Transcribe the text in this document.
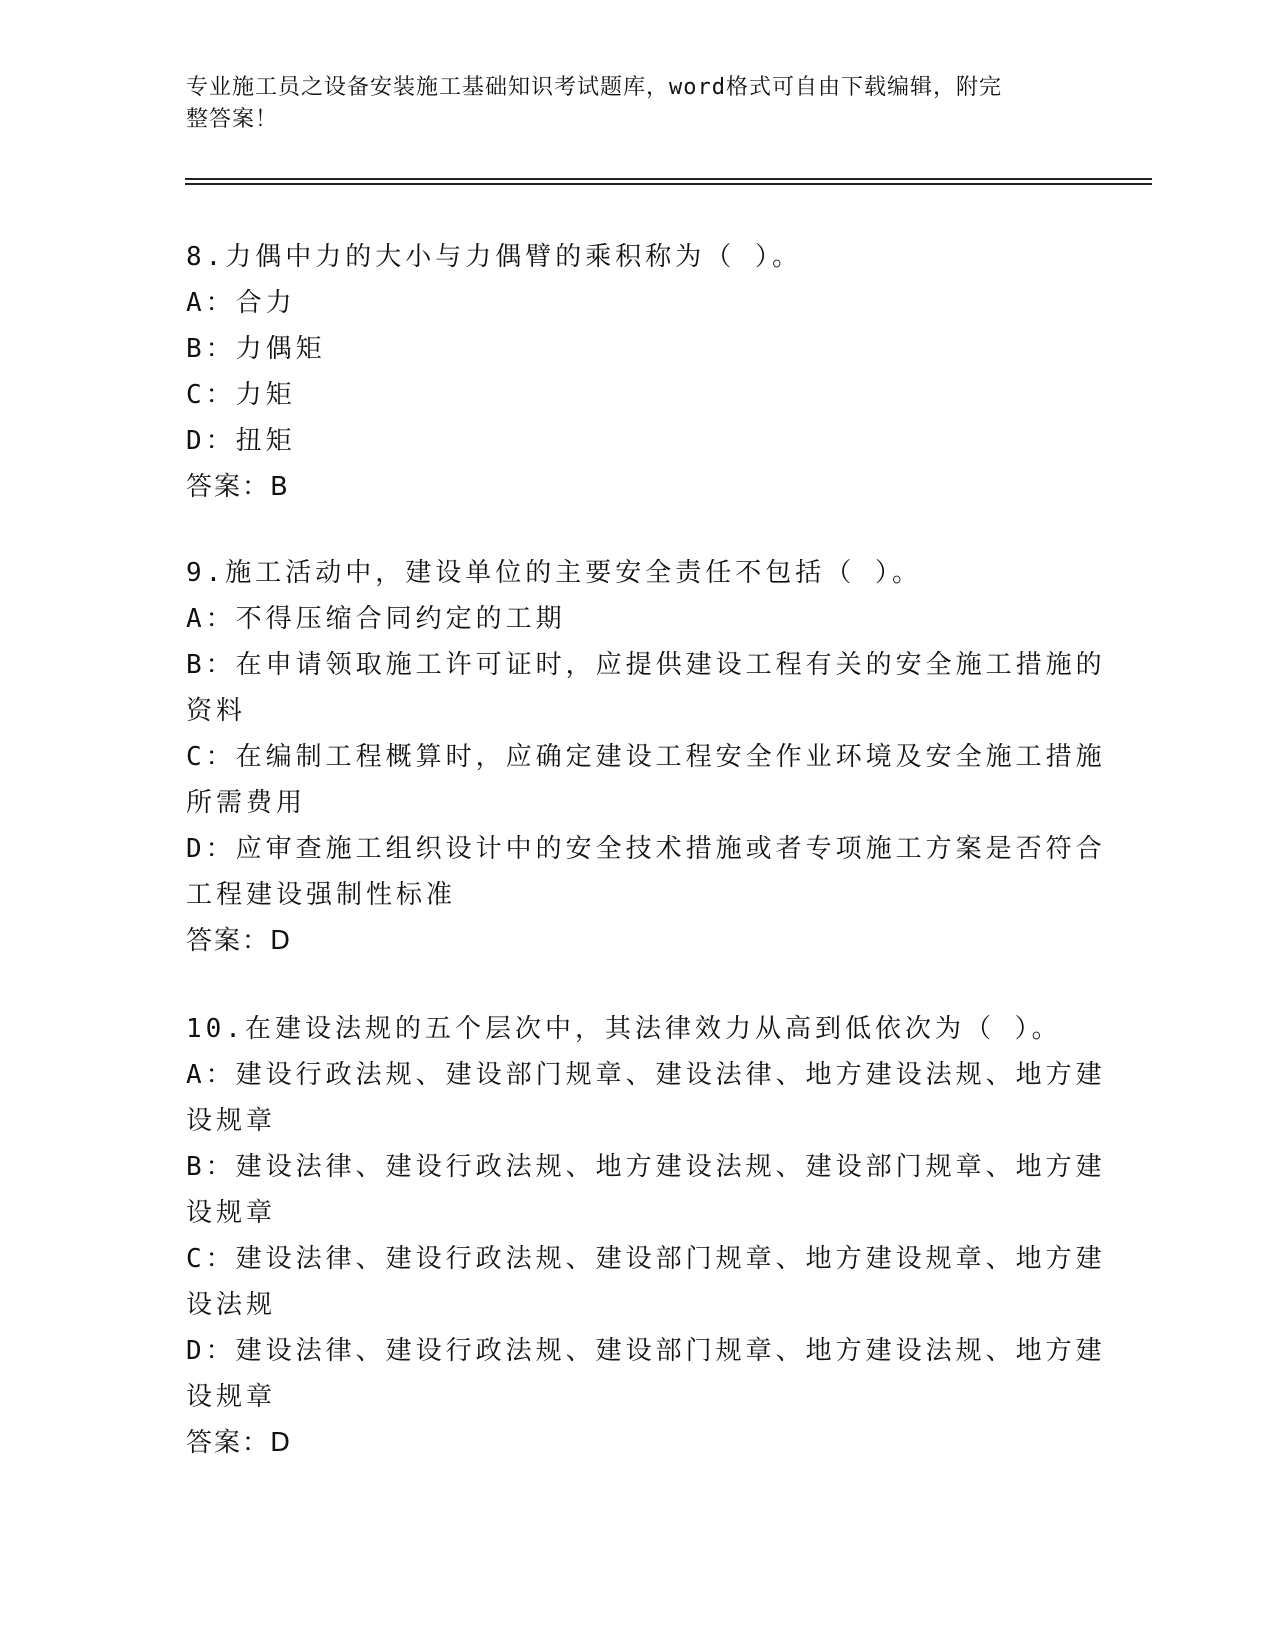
专业施工员之设备安装施工基础知识考试题库，word格式可自由下载编辑，附完
整答案！
8.力偶中力的大小与力偶臂的乘积称为（ ）。
A：合力
B：力偶矩
C：力矩
D：扭矩
答案：B
9.施工活动中，建设单位的主要安全责任不包括（ ）。
A：不得压缩合同约定的工期
B：在申请领取施工许可证时，应提供建设工程有关的安全施工措施的
资料
C：在编制工程概算时，应确定建设工程安全作业环境及安全施工措施
所需费用
D：应审查施工组织设计中的安全技术措施或者专项施工方案是否符合
工程建设强制性标准
答案：D
10.在建设法规的五个层次中，其法律效力从高到低依次为（ ）。
A：建设行政法规、建设部门规章、建设法律、地方建设法规、地方建
设规章
B：建设法律、建设行政法规、地方建设法规、建设部门规章、地方建
设规章
C：建设法律、建设行政法规、建设部门规章、地方建设规章、地方建
设法规
D：建设法律、建设行政法规、建设部门规章、地方建设法规、地方建
设规章
答案：D
